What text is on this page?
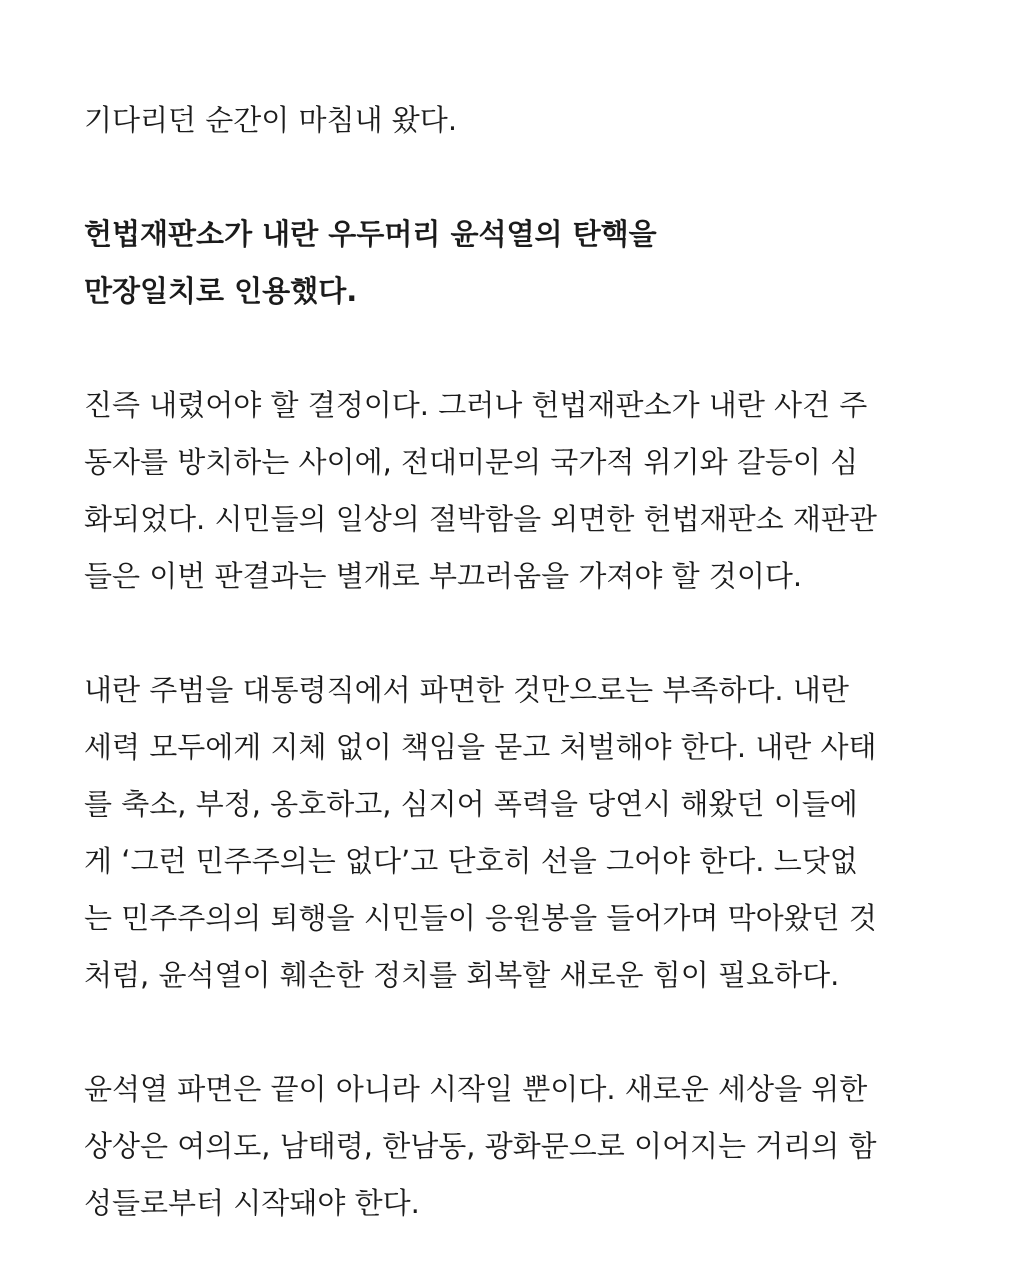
기다리던 순간이 마침내 왔다.
헌법재판소가 내란 우두머리 윤석열의 탄핵을
만장일치로 인용했다.
진즉 내렸어야 할 결정이다. 그러나 헌법재판소가 내란 사건 주
동자를 방치하는 사이에, 전대미문의 국가적 위기와 갈등이 심
화되었다. 시민들의 일상의 절박함을 외면한 헌법재판소 재판관
들은 이번 판결과는 별개로 부끄러움을 가져야 할 것이다.
내란 주범을 대통령직에서 파면한 것만으로는 부족하다. 내란
세력 모두에게 지체 없이 책임을 묻고 처벌해야 한다. 내란 사태
를 축소, 부정, 옹호하고, 심지어 폭력을 당연시 해왔던 이들에
게 ‘그런 민주주의는 없다’고 단호히 선을 그어야 한다. 느닷없
는 민주주의의 퇴행을 시민들이 응원봉을 들어가며 막아왔던 것
처럼, 윤석열이 훼손한 정치를 회복할 새로운 힘이 필요하다.
윤석열 파면은 끝이 아니라 시작일 뿐이다. 새로운 세상을 위한
상상은 여의도, 남태령, 한남동, 광화문으로 이어지는 거리의 함
성들로부터 시작돼야 한다.
